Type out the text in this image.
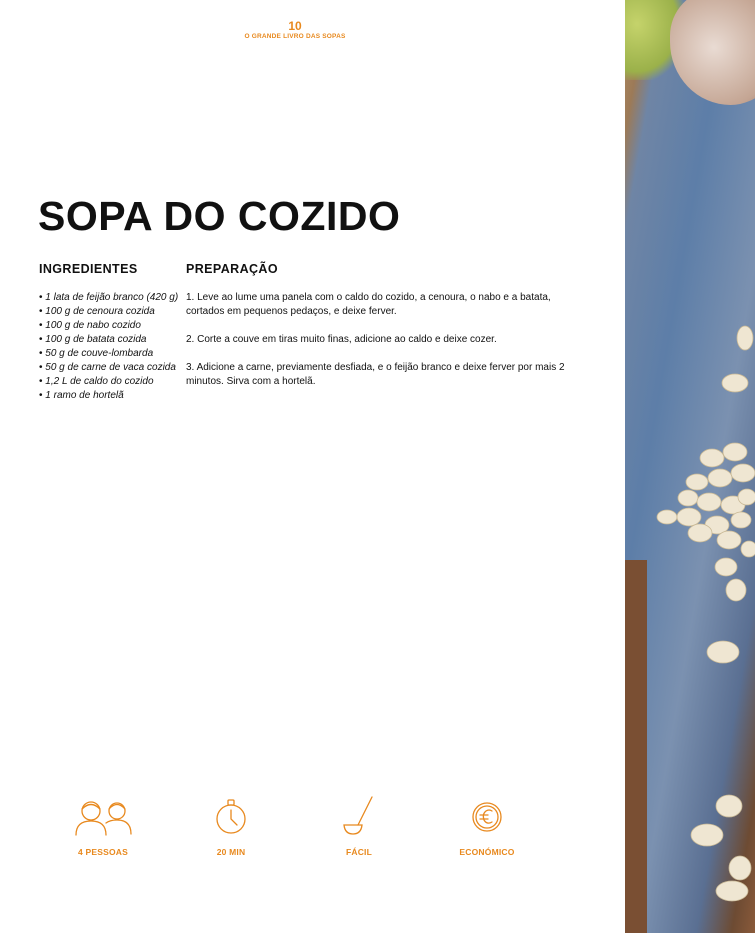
10
O GRANDE LIVRO DAS SOPAS
SOPA DO COZIDO
INGREDIENTES
• 1 lata de feijão branco (420 g)
• 100 g de cenoura cozida
• 100 g de nabo cozido
• 100 g de batata cozida
• 50 g de couve-lombarda
• 50 g de carne de vaca cozida
• 1,2 L de caldo do cozido
• 1 ramo de hortelã
PREPARAÇÃO

1. Leve ao lume uma panela com o caldo do cozido, a cenoura, o nabo e a batata, cortados em pequenos pedaços, e deixe ferver.

2. Corte a couve em tiras muito finas, adicione ao caldo e deixe cozer.

3. Adicione a carne, previamente desfiada, e o feijão branco e deixe ferver por mais 2 minutos. Sirva com a hortelã.

4 PESSOAS	20 MIN	FÁCIL	ECONÓMICO
